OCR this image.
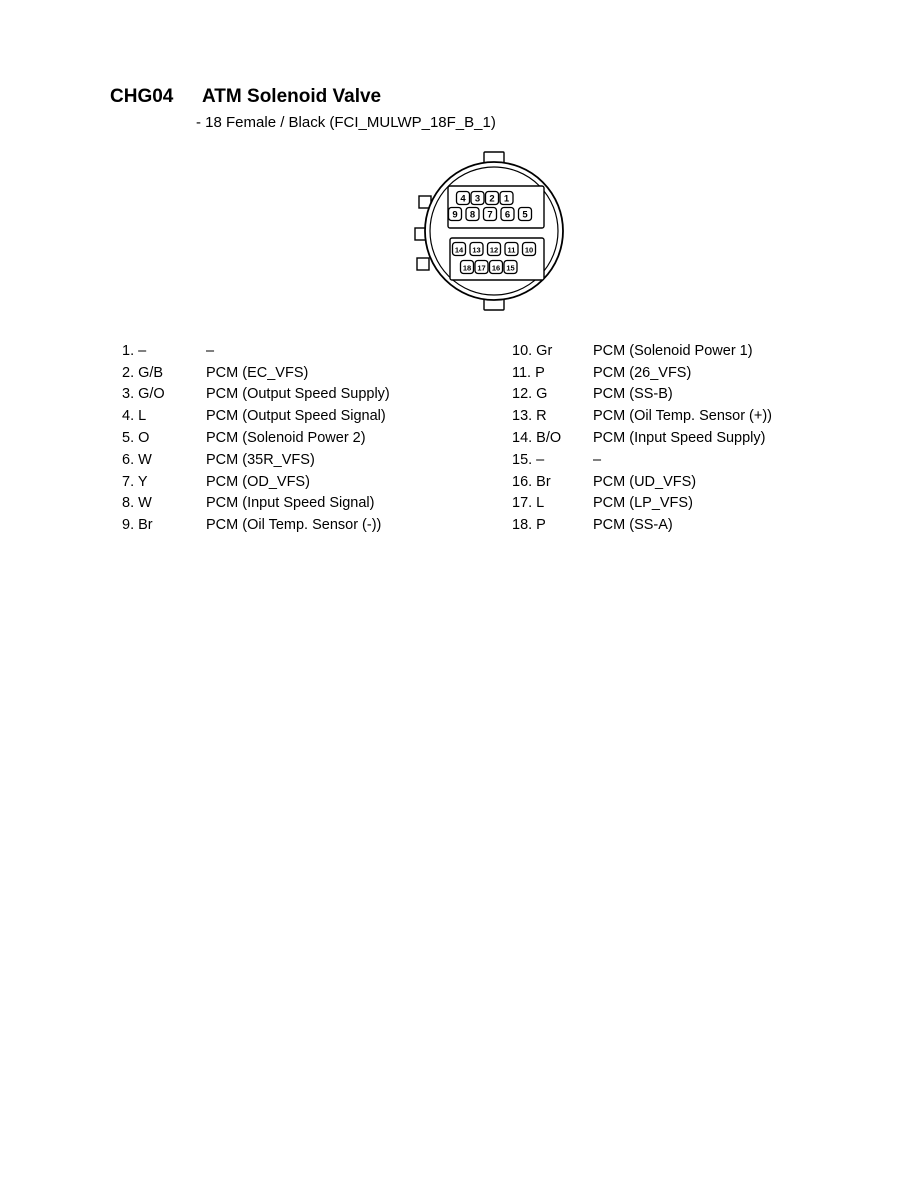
CHG04	ATM Solenoid Valve
- 18 Female / Black (FCI_MULWP_18F_B_1)
4 3 2 1
9 8 7 6 5
14 13 12 11 10
18 17 16 15
1. –	–
2. G/B	PCM (EC_VFS)
3. G/O	PCM (Output Speed Supply)
4. L	PCM (Output Speed Signal)
5. O	PCM (Solenoid Power 2)
6. W	PCM (35R_VFS)
7. Y	PCM (OD_VFS)
8. W	PCM (Input Speed Signal)
9. Br	PCM (Oil Temp. Sensor (-))
10. Gr	PCM (Solenoid Power 1)
11. P	PCM (26_VFS)
12. G	PCM (SS-B)
13. R	PCM (Oil Temp. Sensor (+))
14. B/O	PCM (Input Speed Supply)
15. –	–
16. Br	PCM (UD_VFS)
17. L	PCM (LP_VFS)
18. P	PCM (SS-A)
